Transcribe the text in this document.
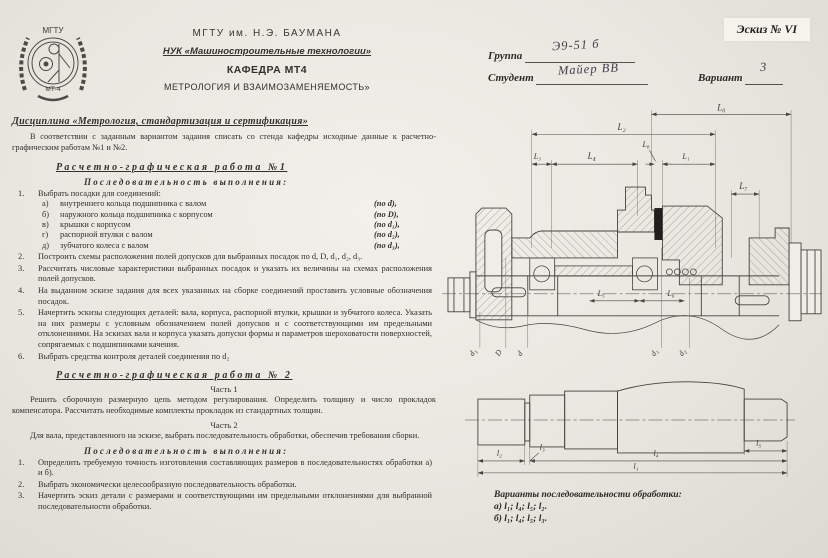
МГТУ
МТ-4
МГТУ им. Н.Э. БАУМАНА
НУК «Машиностроительные технологии»
КАФЕДРА МТ4
МЕТРОЛОГИЯ И ВЗАИМОЗАМЕНЯЕМОСТЬ»
Дисциплина «Метрология, стандартизация и сертификация»

В соответствии с заданным вариантом задания списать со стенда кафедры исходные данные к расчетно-графическим работам №1 и №2.

Расчетно-графическая работа №1
Последовательность выполнения:
1.	Выбрать посадки для соединений:
а)	внутреннего кольца подшипника с валом	(по d),
б)	наружного кольца подшипника с корпусом	(по D),
в)	крышки с корпусом	(по d₁),
г)	распорной втулки с валом	(по d₂),
д)	зубчатого колеса с валом	(по d₃),
2.	Построить схемы расположения полей допусков для выбранных посадок по d, D, d₁, d₂, d₃.
3.	Рассчитать числовые характеристики выбранных посадок и указать их величины на схемах расположения полей допусков.
4.	На выданном эскизе задания для всех указанных на сборке соединений проставить условные обозначения посадок.
5.	Начертить эскизы следующих деталей: вала, корпуса, распорной втулки, крышки и зубчатого колеса. Указать на них размеры с условным обозначением полей допусков и с соответствующими им предельными отклонениями. На эскизах вала и корпуса указать допуски формы и параметров шероховатости поверхностей, сопрягаемых с подшипниками качения.
6.	Выбрать средства контроля деталей соединения по d₂
Расчетно-графическая работа № 2
Часть 1

Решить сборочную размерную цепь методом регулирования. Определить толщину и число прокладок компенсатора. Рассчитать необходимые комплекты прокладок из стандартных толщин.

Часть 2

Для вала, представленного на эскизе, выбрать последовательность обработки, обеспечив требования сборки.

Последовательность выполнения:
1.	Определить требуемую точность изготовления составляющих размеров в последовательностях обработки а) и б).
2.	Выбрать экономически целесообразную последовательность обработки.
3.	Начертить эскиз детали с размерами и соответствующими им предельными отклонениями для выбранной последовательности обработки.
Эскиз № VI
Группа
Э9-51 б
Студент
Майер ВВ
Вариант
3
L₀
L₂
L₃	L₄
L₈
L₁
L₇
L₅	L₆
d₃ D d	d₁ d₂

l₅
l₂
l₃
l₄
l₁
Варианты последовательности обработки:
а) l₁; l₄; l₅; l₂.
б) l₁; l₄; l₅; l₃.
